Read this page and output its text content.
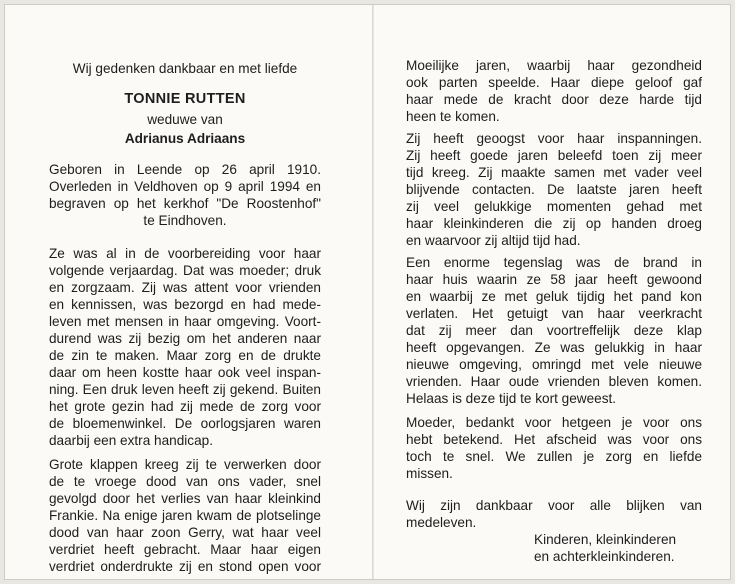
Wij gedenken dankbaar en met liefde
TONNIE RUTTEN
weduwe van
Adrianus Adriaans
Geboren in Leende op 26 april 1910.
Overleden in Veldhoven op 9 april 1994 en
begraven op het kerkhof "De Roostenhof"
te Eindhoven.
Ze was al in de voorbereiding voor haar
volgende verjaardag. Dat was moeder; druk
en zorgzaam. Zij was attent voor vrienden
en kennissen, was bezorgd en had mede-
leven met mensen in haar omgeving. Voort-
durend was zij bezig om het anderen naar
de zin te maken. Maar zorg en de drukte
daar om heen kostte haar ook veel inspan-
ning. Een druk leven heeft zij gekend. Buiten
het grote gezin had zij mede de zorg voor
de bloemenwinkel. De oorlogsjaren waren
daarbij een extra handicap.
Grote klappen kreeg zij te verwerken door
de te vroege dood van ons vader, snel
gevolgd door het verlies van haar kleinkind
Frankie. Na enige jaren kwam de plotselinge
dood van haar zoon Gerry, wat haar veel
verdriet heeft gebracht. Maar haar eigen
verdriet onderdrukte zij en stond open voor
Moeilijke jaren, waarbij haar gezondheid
ook parten speelde. Haar diepe geloof gaf
haar mede de kracht door deze harde tijd
heen te komen.
Zij heeft geoogst voor haar inspanningen.
Zij heeft goede jaren beleefd toen zij meer
tijd kreeg. Zij maakte samen met vader veel
blijvende contacten. De laatste jaren heeft
zij veel gelukkige momenten gehad met
haar kleinkinderen die zij op handen droeg
en waarvoor zij altijd tijd had.
Een enorme tegenslag was de brand in
haar huis waarin ze 58 jaar heeft gewoond
en waarbij ze met geluk tijdig het pand kon
verlaten. Het getuigt van haar veerkracht
dat zij meer dan voortreffelijk deze klap
heeft opgevangen. Ze was gelukkig in haar
nieuwe omgeving, omringd met vele nieuwe
vrienden. Haar oude vrienden bleven komen.
Helaas is deze tijd te kort geweest.
Moeder, bedankt voor hetgeen je voor ons
hebt betekend. Het afscheid was voor ons
toch te snel. We zullen je zorg en liefde
missen.
Wij zijn dankbaar voor alle blijken van
medeleven.
Kinderen, kleinkinderen
en achterkleinkinderen.
